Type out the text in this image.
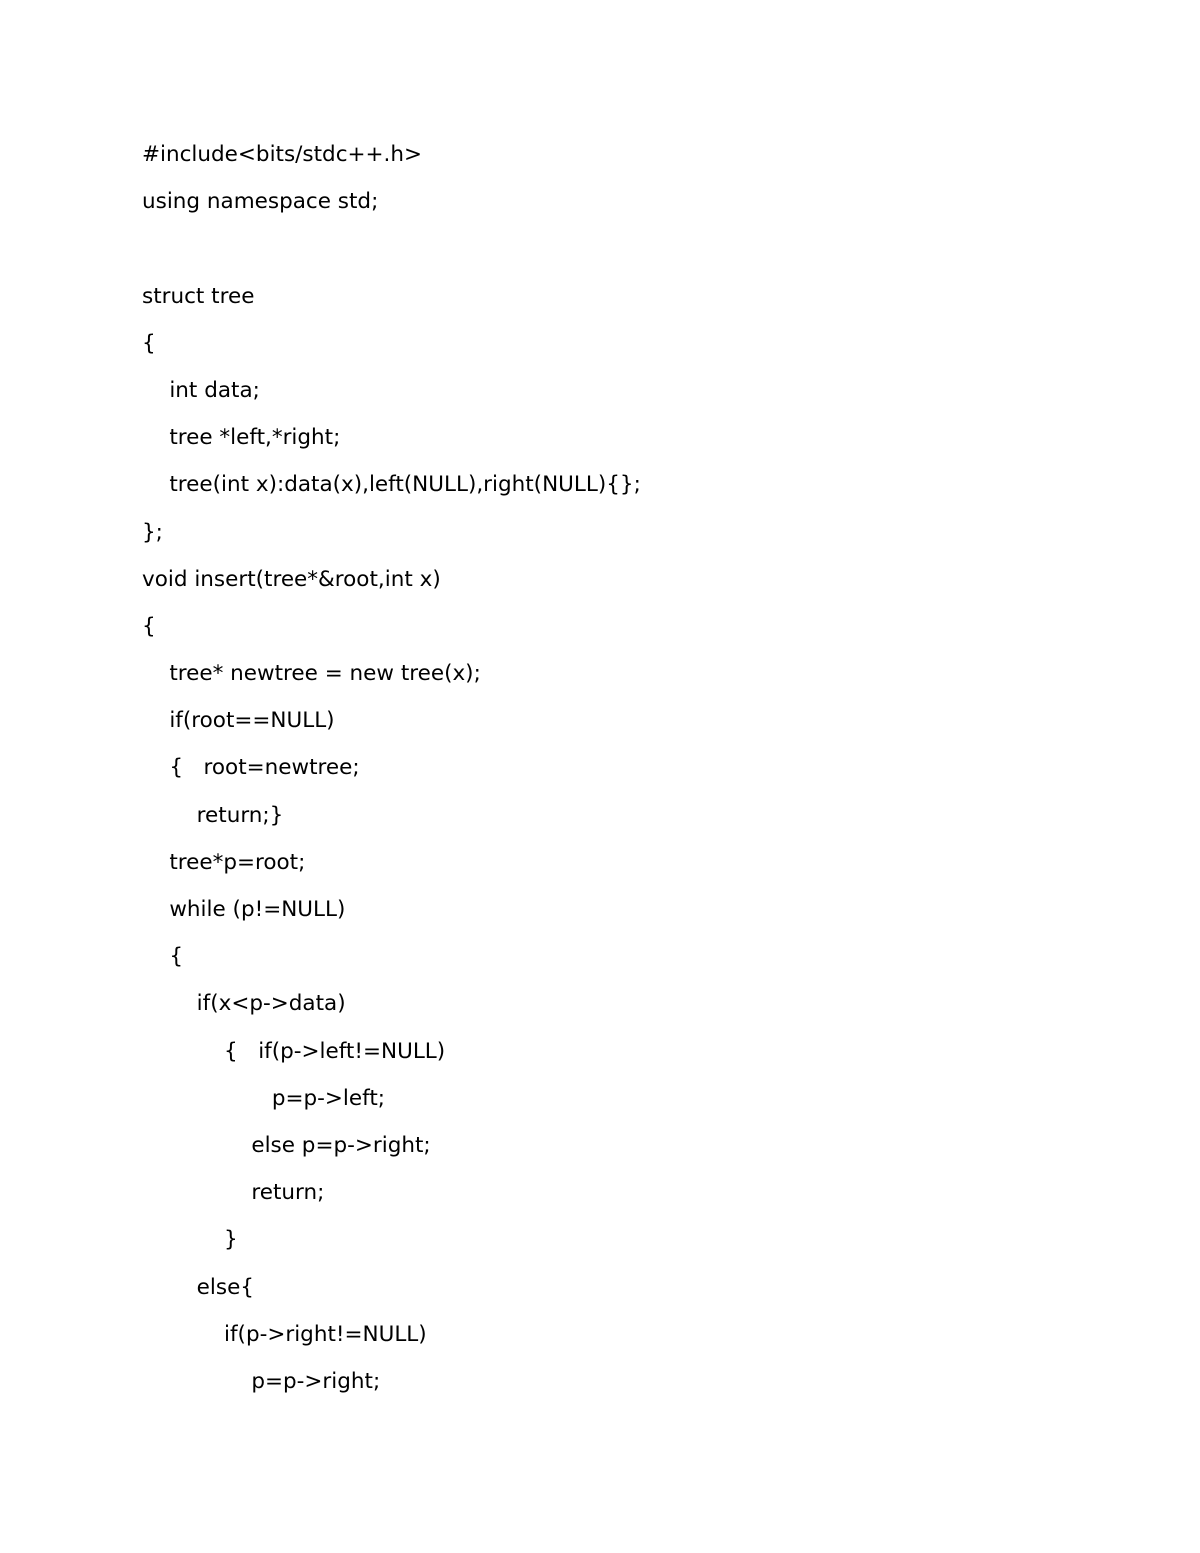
#include<bits/stdc++.h>
using namespace std;
struct tree
{
int data;
tree *left,*right;
tree(int x):data(x),left(NULL),right(NULL){};
};
void insert(tree*&root,int x)
{
tree* newtree = new tree(x);
if(root==NULL)
{   root=newtree;
return;}
tree*p=root;
while (p!=NULL)
{
if(x<p->data)
{   if(p->left!=NULL)
p=p->left;
else p=p->right;
return;
}
else{
if(p->right!=NULL)
p=p->right;
